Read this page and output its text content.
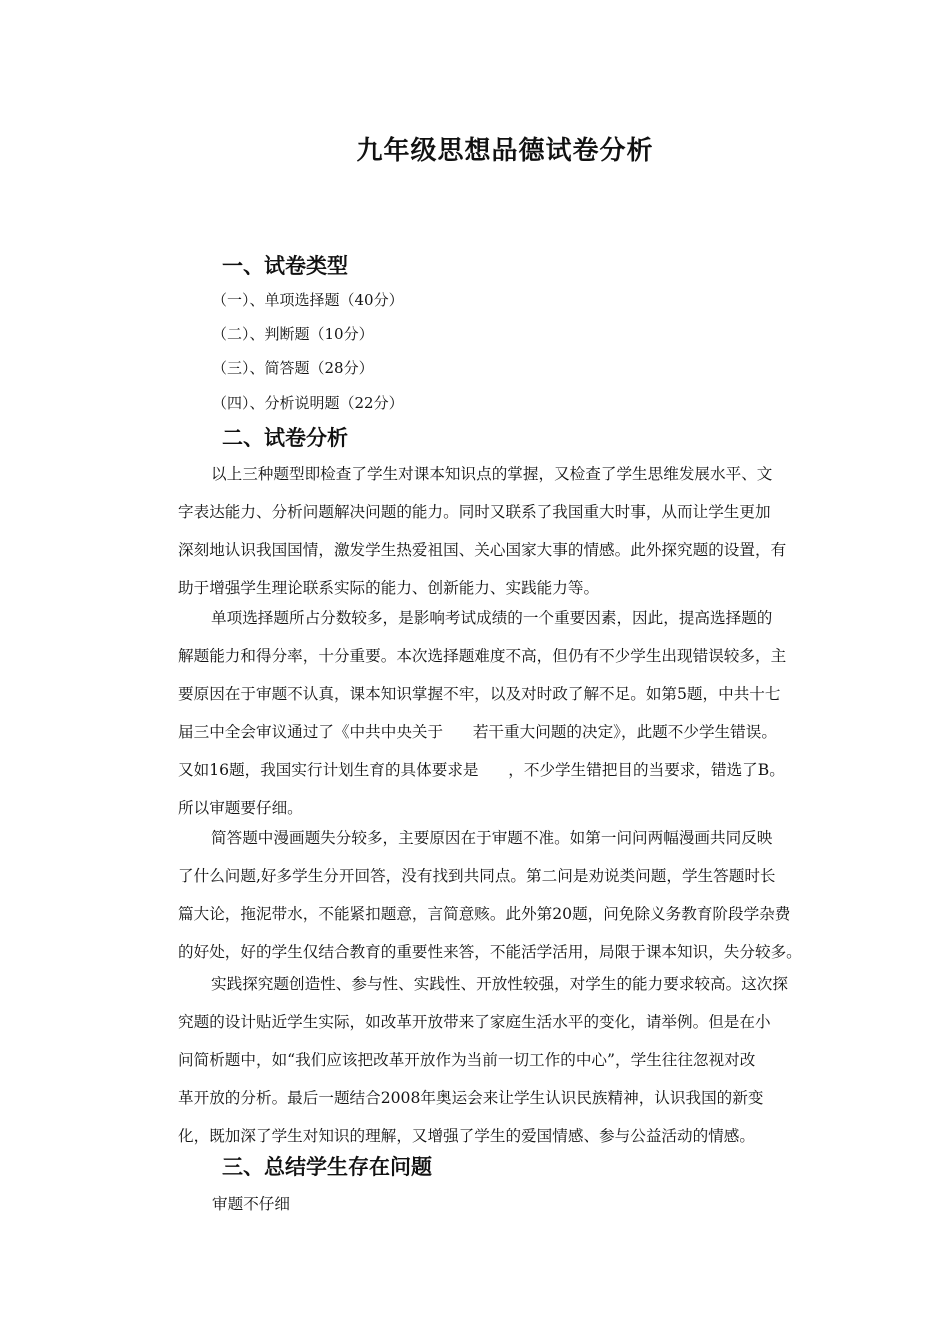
九年级思想品德试卷分析
一、试卷类型
（一）、单项选择题（40分）
（二）、判断题（10分）
（三）、简答题（28分）
（四）、分析说明题（22分）
二、试卷分析
以上三种题型即检查了学生对课本知识点的掌握，又检查了学生思维发展水平、文
字表达能力、分析问题解决问题的能力。同时又联系了我国重大时事，从而让学生更加
深刻地认识我国国情，激发学生热爱祖国、关心国家大事的情感。此外探究题的设置，有
助于增强学生理论联系实际的能力、创新能力、实践能力等。
单项选择题所占分数较多，是影响考试成绩的一个重要因素，因此，提高选择题的
解题能力和得分率，十分重要。本次选择题难度不高，但仍有不少学生出现错误较多，主
要原因在于审题不认真，课本知识掌握不牢，以及对时政了解不足。如第5题，中共十七
届三中全会审议通过了《中共中央关于      若干重大问题的决定》，此题不少学生错误。
又如16题，我国实行计划生育的具体要求是      ，不少学生错把目的当要求，错选了B。
所以审题要仔细。
简答题中漫画题失分较多，主要原因在于审题不准。如第一问问两幅漫画共同反映
了什么问题,好多学生分开回答，没有找到共同点。第二问是劝说类问题，学生答题时长
篇大论，拖泥带水，不能紧扣题意，言简意赅。此外第20题，问免除义务教育阶段学杂费
的好处，好的学生仅结合教育的重要性来答，不能活学活用，局限于课本知识，失分较多。
实践探究题创造性、参与性、实践性、开放性较强，对学生的能力要求较高。这次探
究题的设计贴近学生实际，如改革开放带来了家庭生活水平的变化，请举例。但是在小
问简析题中，如“我们应该把改革开放作为当前一切工作的中心”，学生往往忽视对改
革开放的分析。最后一题结合2008年奥运会来让学生认识民族精神，认识我国的新变
化，既加深了学生对知识的理解，又增强了学生的爱国情感、参与公益活动的情感。
三、总结学生存在问题
审题不仔细
